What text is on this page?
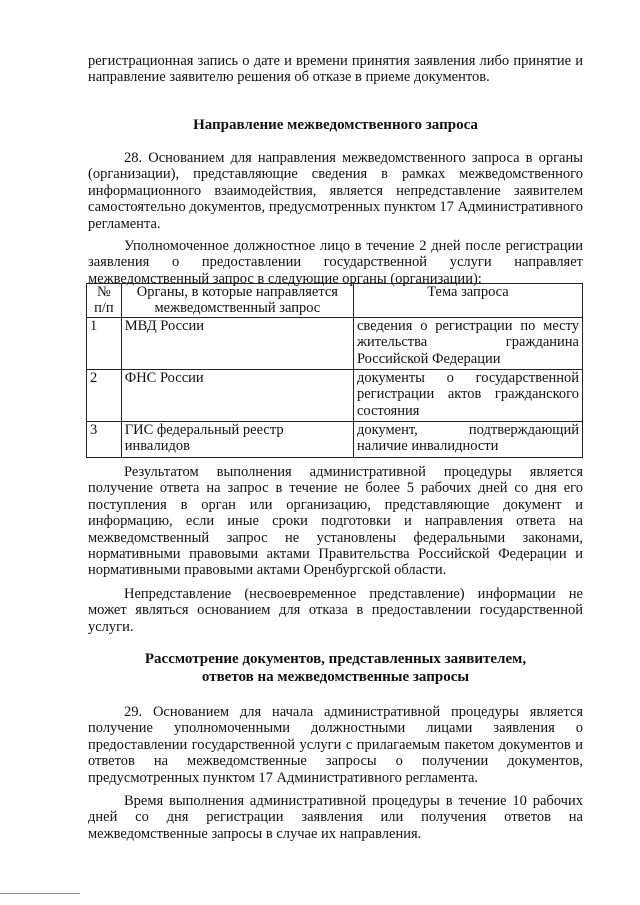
регистрационная запись о дате и времени принятия заявления либо принятие и направление заявителю решения об отказе в приеме документов.

Направление межведомственного запроса

28. Основанием для направления межведомственного запроса в органы (организации), представляющие сведения в рамках межведомственного информационного взаимодействия, является непредставление заявителем самостоятельно документов, предусмотренных пунктом 17 Административного регламента.

Уполномоченное должностное лицо в течение 2 дней после регистрации заявления о предоставлении государственной услуги направляет межведомственный запрос в следующие органы (организации):

№ п/п	Органы, в которые направляется межведомственный запрос	Тема запроса
1	МВД России	сведения о регистрации по месту жительства гражданина Российской Федерации
2	ФНС России	документы о государственной регистрации актов гражданского состояния
3	ГИС федеральный реестр инвалидов	документ, подтверждающий наличие инвалидности

Результатом выполнения административной процедуры является получение ответа на запрос в течение не более 5 рабочих дней со дня его поступления в орган или организацию, представляющие документ и информацию, если иные сроки подготовки и направления ответа на межведомственный запрос не установлены федеральными законами, нормативными правовыми актами Правительства Российской Федерации и нормативными правовыми актами Оренбургской области.

Непредставление (несвоевременное представление) информации не может являться основанием для отказа в предоставлении государственной услуги.

Рассмотрение документов, представленных заявителем,

ответов на межведомственные запросы

29. Основанием для начала административной процедуры является получение уполномоченными должностными лицами заявления о предоставлении государственной услуги с прилагаемым пакетом документов и ответов на межведомственные запросы о получении документов, предусмотренных пунктом 17 Административного регламента.

Время выполнения административной процедуры в течение 10 рабочих дней со дня регистрации заявления или получения ответов на межведомственные запросы в случае их направления.
